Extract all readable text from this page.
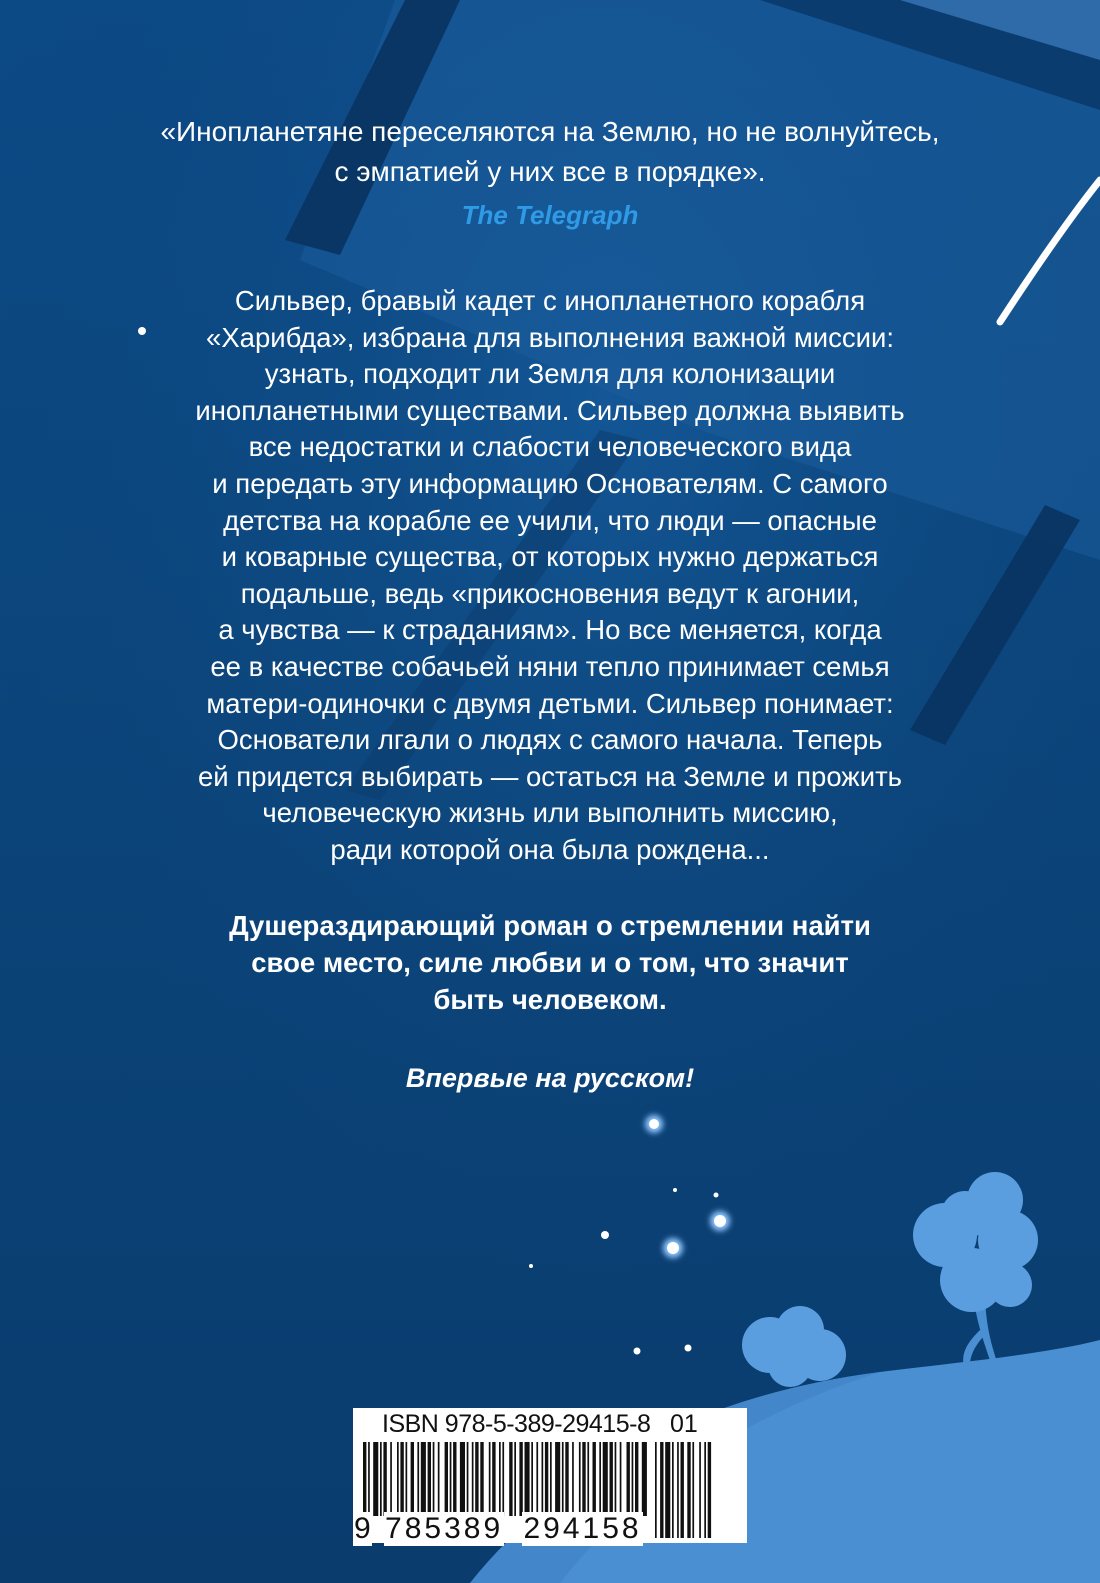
«Инопланетяне переселяются на Землю, но не волнуйтесь,
с эмпатией у них все в порядке».
The Telegraph
Сильвер, бравый кадет с инопланетного корабля
«Харибда», избрана для выполнения важной миссии:
узнать, подходит ли Земля для колонизации
инопланетными существами. Сильвер должна выявить
все недостатки и слабости человеческого вида
и передать эту информацию Основателям. С самого
детства на корабле ее учили, что люди — опасные
и коварные существа, от которых нужно держаться
подальше, ведь «прикосновения ведут к агонии,
а чувства — к страданиям». Но все меняется, когда
ее в качестве собачьей няни тепло принимает семья
матери-одиночки с двумя детьми. Сильвер понимает:
Основатели лгали о людях с самого начала. Теперь
ей придется выбирать — остаться на Земле и прожить
человеческую жизнь или выполнить миссию,
ради которой она была рождена...
Душераздирающий роман о стремлении найти
свое место, силе любви и о том, что значит
быть человеком.
Впервые на русском!
ISBN 978-5-389-29415-8 01
9 785389 294158
